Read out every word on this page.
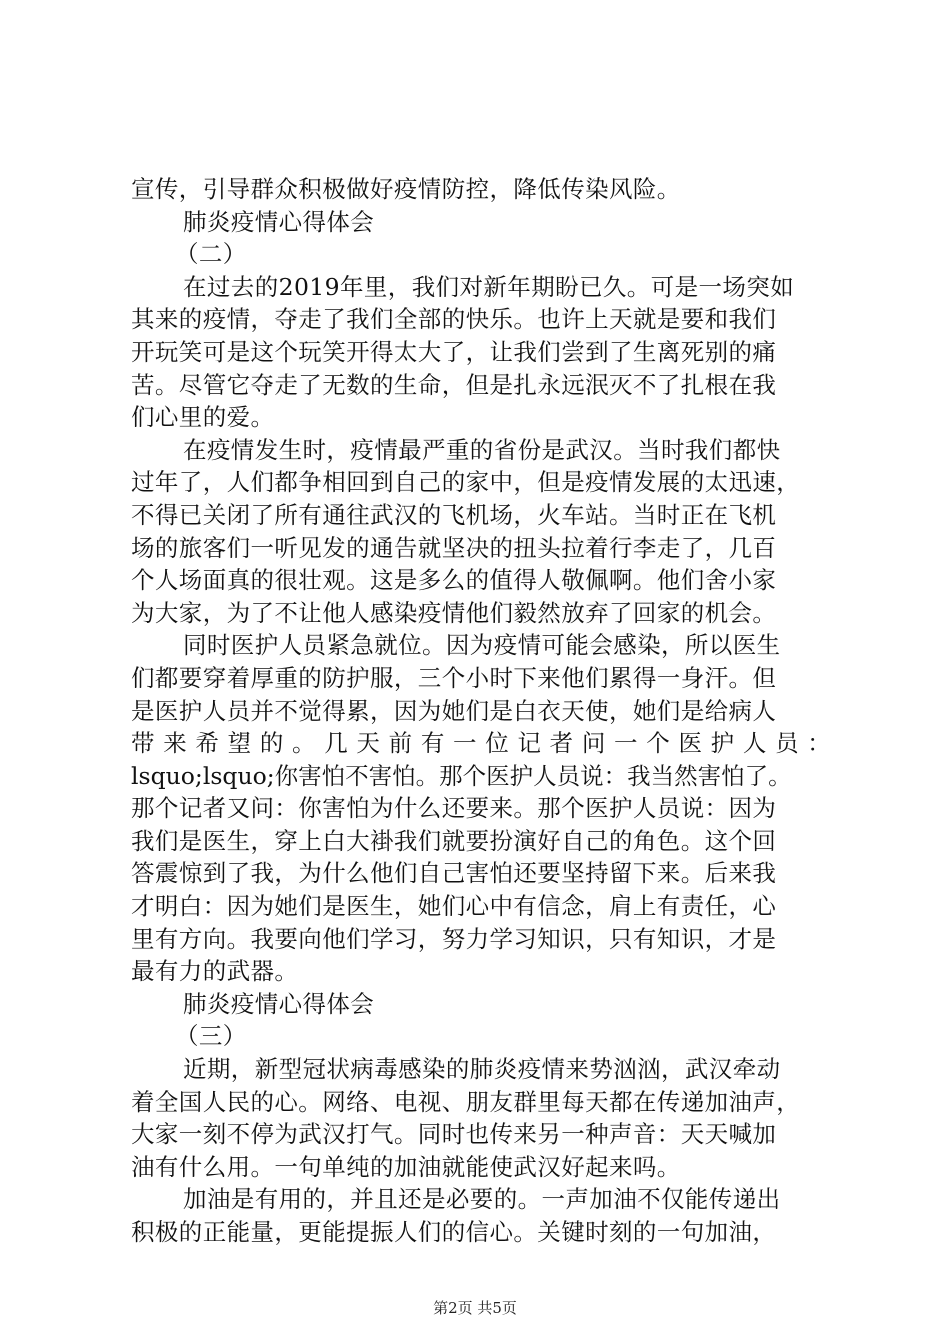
宣传，引导群众积极做好疫情防控，降低传染风险。
肺炎疫情心得体会
（二）
在过去的2019年里，我们对新年期盼已久。可是一场突如
其来的疫情，夺走了我们全部的快乐。也许上天就是要和我们
开玩笑可是这个玩笑开得太大了，让我们尝到了生离死别的痛
苦。尽管它夺走了无数的生命，但是扎永远泯灭不了扎根在我
们心里的爱。
在疫情发生时，疫情最严重的省份是武汉。当时我们都快
过年了，人们都争相回到自己的家中，但是疫情发展的太迅速，
不得已关闭了所有通往武汉的飞机场，火车站。当时正在飞机
场的旅客们一听见发的通告就坚决的扭头拉着行李走了，几百
个人场面真的很壮观。这是多么的值得人敬佩啊。他们舍小家
为大家，为了不让他人感染疫情他们毅然放弃了回家的机会。
同时医护人员紧急就位。因为疫情可能会感染，所以医生
们都要穿着厚重的防护服，三个小时下来他们累得一身汗。但
是医护人员并不觉得累，因为她们是白衣天使，她们是给病人
带 来 希 望 的 。 几 天 前 有 一 位 记 者 问 一 个 医 护 人 员 ：
lsquo;lsquo;你害怕不害怕。那个医护人员说：我当然害怕了。
那个记者又问：你害怕为什么还要来。那个医护人员说：因为
我们是医生，穿上白大褂我们就要扮演好自己的角色。这个回
答震惊到了我，为什么他们自己害怕还要坚持留下来。后来我
才明白：因为她们是医生，她们心中有信念，肩上有责任，心
里有方向。我要向他们学习，努力学习知识，只有知识，才是
最有力的武器。
肺炎疫情心得体会
（三）
近期，新型冠状病毒感染的肺炎疫情来势汹汹，武汉牵动
着全国人民的心。网络、电视、朋友群里每天都在传递加油声，
大家一刻不停为武汉打气。同时也传来另一种声音：天天喊加
油有什么用。一句单纯的加油就能使武汉好起来吗。
加油是有用的，并且还是必要的。一声加油不仅能传递出
积极的正能量，更能提振人们的信心。关键时刻的一句加油，
第2页 共5页
